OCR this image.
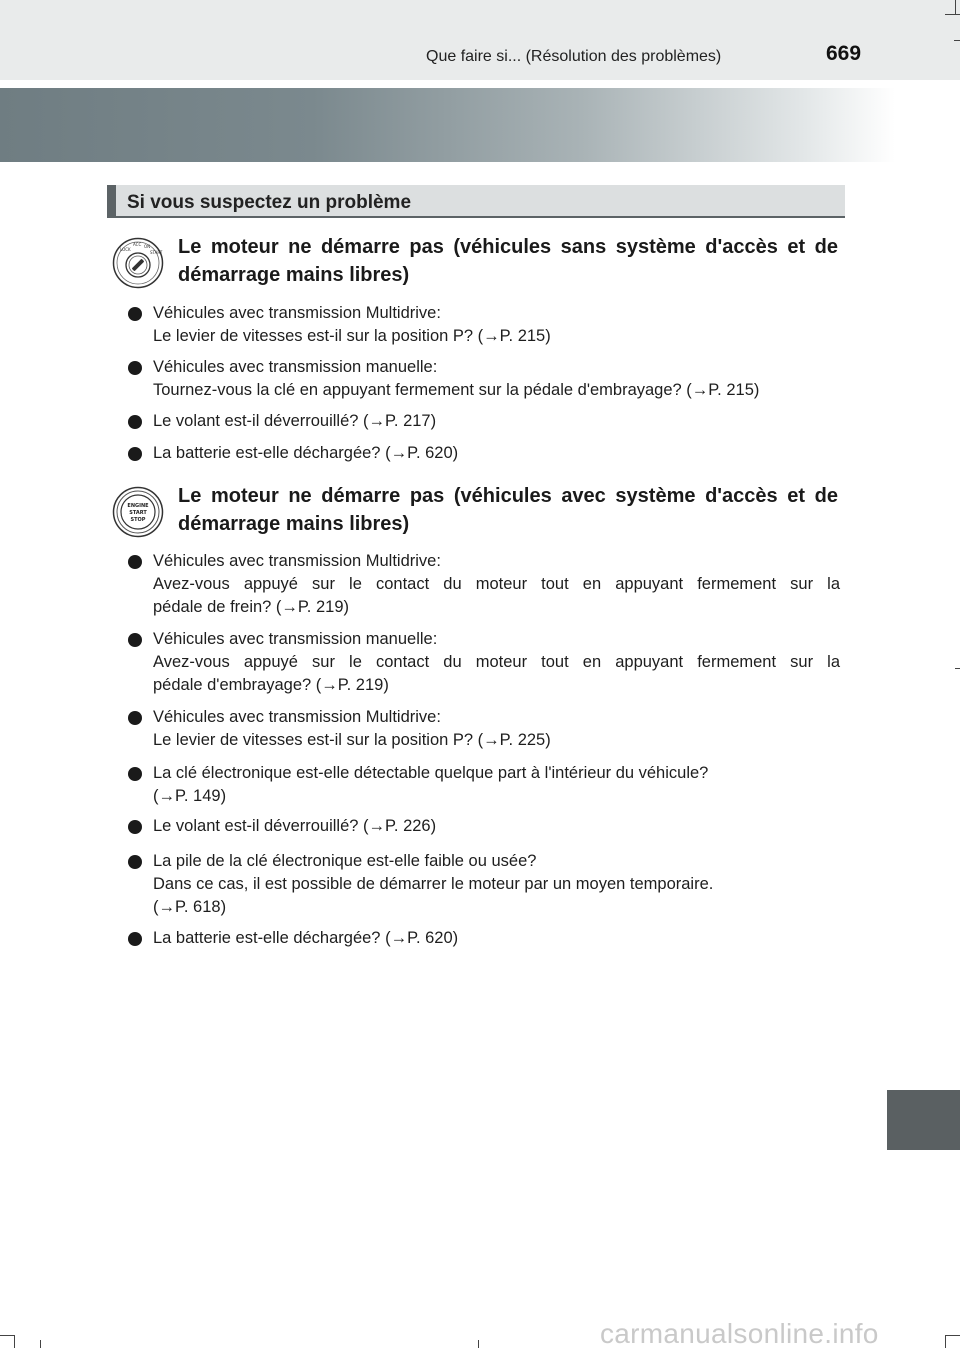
Que faire si... (Résolution des problèmes)	669
Si vous suspectez un problème
LOCK
ACC ON
START Le moteur ne démarre pas (véhicules sans système d'accès et de démarrage mains libres)
Véhicules avec transmission Multidrive:
Le levier de vitesses est-il sur la position P? (→P. 215)
Véhicules avec transmission manuelle:
Tournez-vous la clé en appuyant fermement sur la pédale d'embrayage? (→P. 215)
Le volant est-il déverrouillé? (→P. 217)
La batterie est-elle déchargée? (→P. 620)
ENGINE
START
STOP
Le moteur ne démarre pas (véhicules avec système d'accès et de démarrage mains libres)
Véhicules avec transmission Multidrive:
Avez-vous appuyé sur le contact du moteur tout en appuyant fermement sur la
pédale de frein? (→P. 219)
Véhicules avec transmission manuelle:
Avez-vous appuyé sur le contact du moteur tout en appuyant fermement sur la
pédale d'embrayage? (→P. 219)
Véhicules avec transmission Multidrive:
Le levier de vitesses est-il sur la position P? (→P. 225)
La clé électronique est-elle détectable quelque part à l'intérieur du véhicule?
(→P. 149)
Le volant est-il déverrouillé? (→P. 226)
La pile de la clé électronique est-elle faible ou usée?
Dans ce cas, il est possible de démarrer le moteur par un moyen temporaire.
(→P. 618)
La batterie est-elle déchargée? (→P. 620)
carmanualsonline.info
